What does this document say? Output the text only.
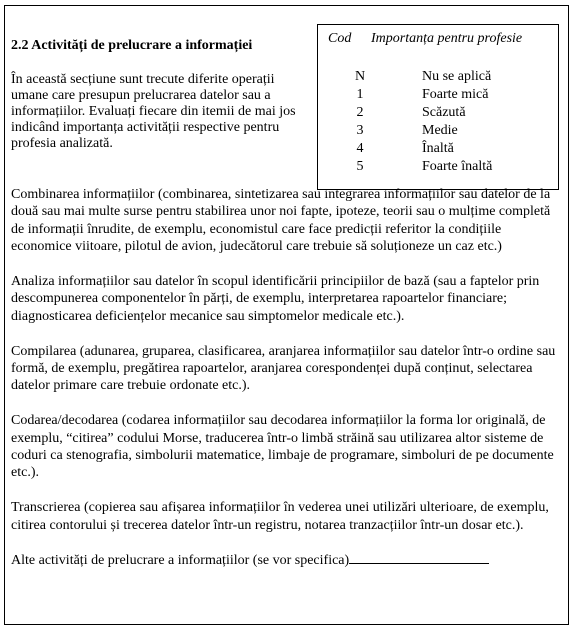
2.2 Activități de prelucrare a informației

În această secțiune sunt trecute diferite operații umane care presupun prelucrarea datelor sau a informațiilor. Evaluați fiecare din itemii de mai jos indicând importanța activității respective pentru profesia analizată.

Cod Importanța pentru profesie
N	Nu se aplică
1	Foarte mică
2	Scăzută
3	Medie
4	Înaltă
5	Foarte înaltă

Combinarea informațiilor (combinarea, sintetizarea sau integrarea informațiilor sau datelor de la două sau mai multe surse pentru stabilirea unor noi fapte, ipoteze, teorii sau o mulțime completă de informații înrudite, de exemplu, economistul care face predicții referitor la condițiile economice viitoare, pilotul de avion, judecătorul care trebuie să soluționeze un caz etc.)

Analiza informațiilor sau datelor în scopul identificării principiilor de bază (sau a faptelor prin descompunerea componentelor în părți, de exemplu, interpretarea rapoartelor financiare; diagnosticarea deficiențelor mecanice sau simptomelor medicale etc.).

Compilarea (adunarea, gruparea, clasificarea, aranjarea informațiilor sau datelor într-o ordine sau formă, de exemplu, pregătirea rapoartelor, aranjarea corespondenței după conținut, selectarea datelor primare care trebuie ordonate etc.).

Codarea/decodarea (codarea informațiilor sau decodarea informațiilor la forma lor originală, de exemplu, “citirea” codului Morse, traducerea într-o limbă străină sau utilizarea altor sisteme de coduri ca stenografia, simbolurii matematice, limbaje de programare, simboluri de pe documente etc.).

Transcrierea (copierea sau afișarea informațiilor în vederea unei utilizări ulterioare, de exemplu, citirea contorului și trecerea datelor într-un registru, notarea tranzacțiilor într-un dosar etc.).

Alte activități de prelucrare a informațiilor (se vor specifica)
